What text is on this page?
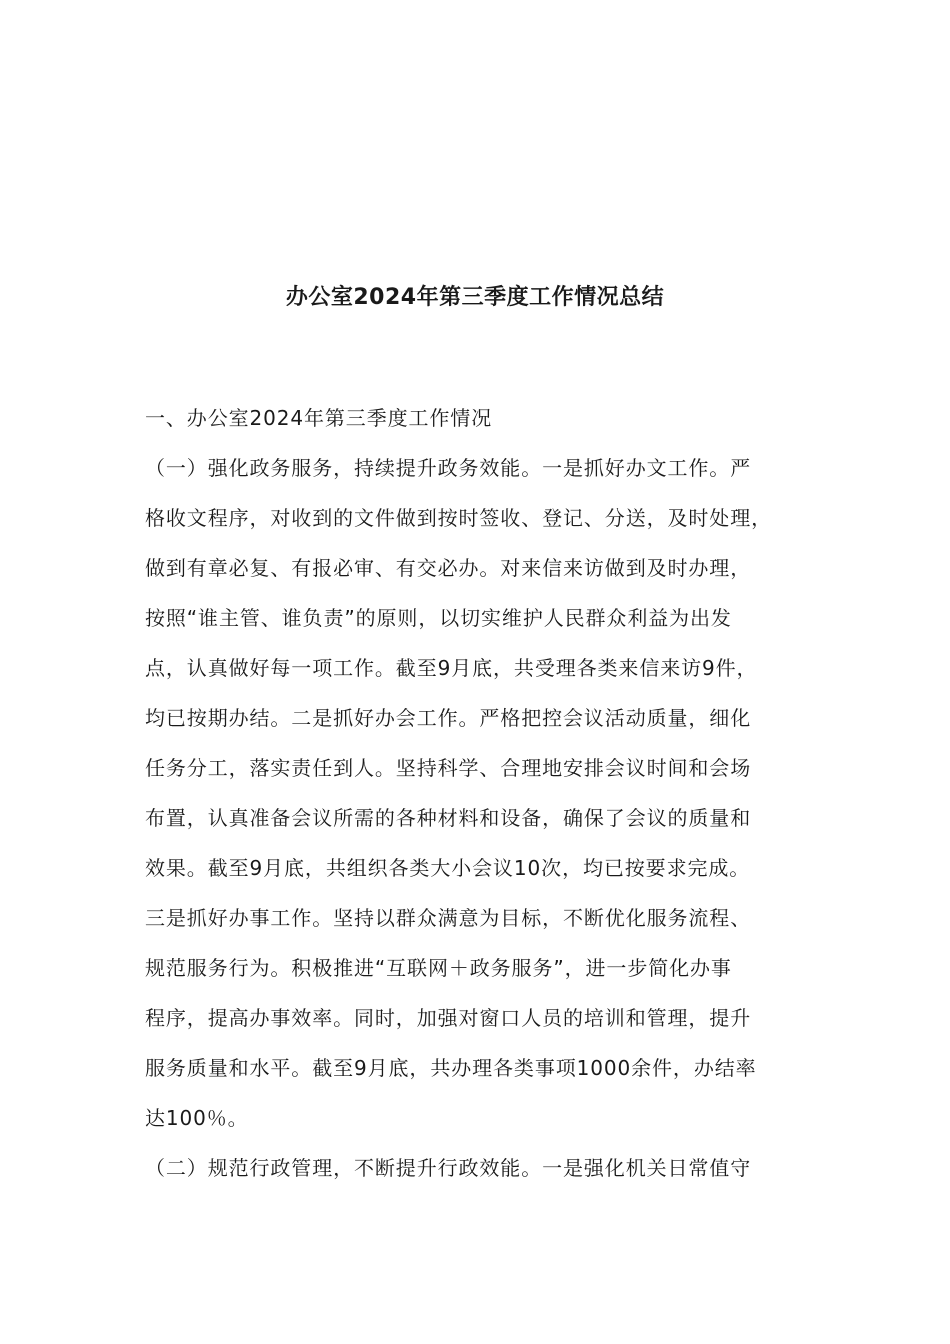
办公室2024年第三季度工作情况总结
一、办公室2024年第三季度工作情况
（一）强化政务服务，持续提升政务效能。一是抓好办文工作。严
格收文程序，对收到的文件做到按时签收、登记、分送，及时处理，
做到有章必复、有报必审、有交必办。对来信来访做到及时办理，
按照“谁主管、谁负责”的原则，以切实维护人民群众利益为出发
点，认真做好每一项工作。截至9月底，共受理各类来信来访9件，
均已按期办结。二是抓好办会工作。严格把控会议活动质量，细化
任务分工，落实责任到人。坚持科学、合理地安排会议时间和会场
布置，认真准备会议所需的各种材料和设备，确保了会议的质量和
效果。截至9月底，共组织各类大小会议10次，均已按要求完成。
三是抓好办事工作。坚持以群众满意为目标，不断优化服务流程、
规范服务行为。积极推进“互联网＋政务服务”，进一步简化办事
程序，提高办事效率。同时，加强对窗口人员的培训和管理，提升
服务质量和水平。截至9月底，共办理各类事项1000余件，办结率
达100％。
（二）规范行政管理，不断提升行政效能。一是强化机关日常值守
